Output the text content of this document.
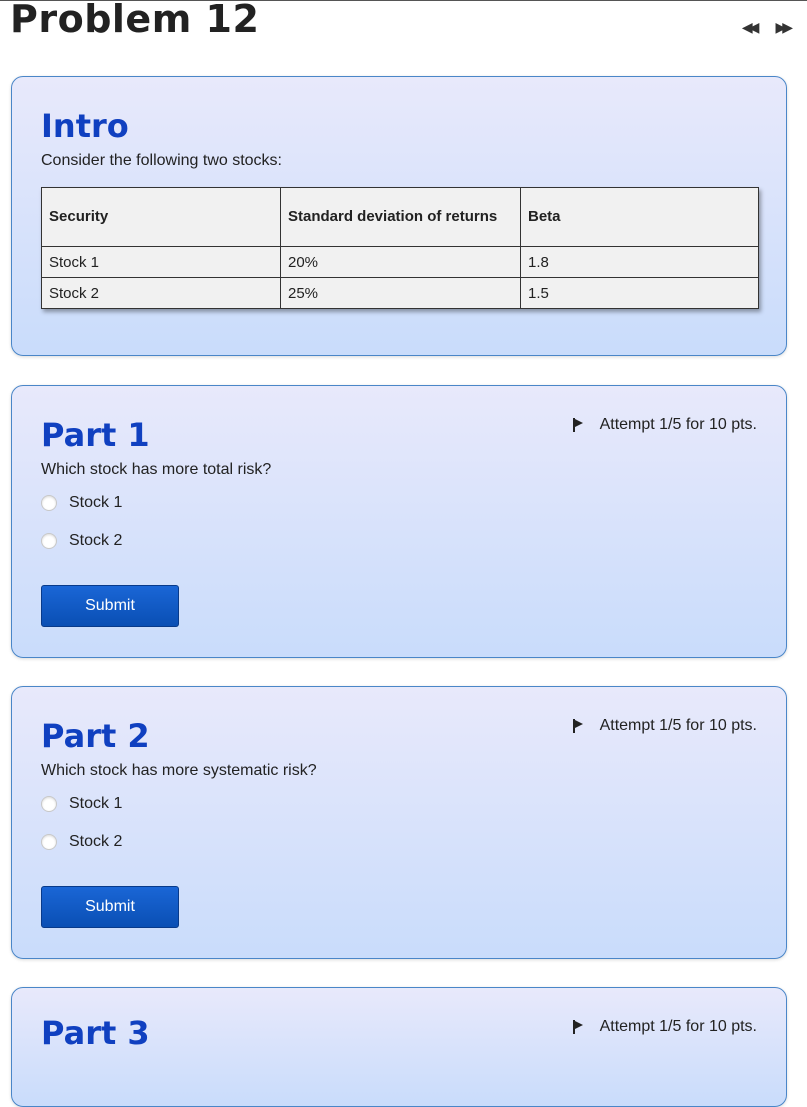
Problem 12	◀◀ ▶▶
Intro
Consider the following two stocks:
Security	Standard deviation of returns	Beta
Stock 1	20%	1.8
Stock 2	25%	1.5
Part 1	Attempt 1/5 for 10 pts.
Which stock has more total risk?
Stock 1
Stock 2
Submit
Part 2	Attempt 1/5 for 10 pts.
Which stock has more systematic risk?
Stock 1
Stock 2
Submit
Part 3	Attempt 1/5 for 10 pts.
